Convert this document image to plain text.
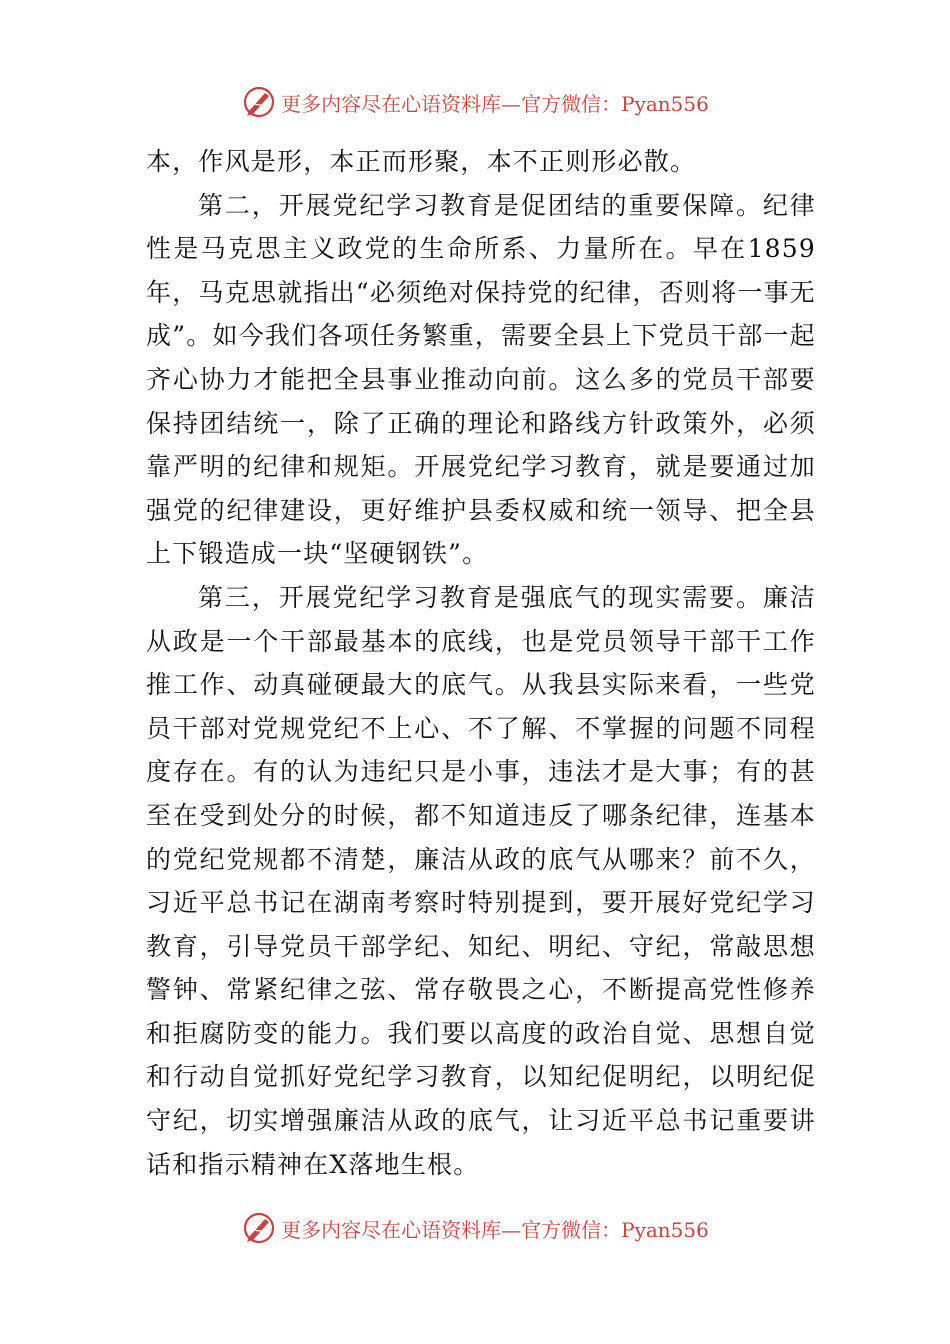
更多内容尽在心语资料库—官方微信：Pyan556

本，作风是形，本正而形聚，本不正则形必散。

第二，开展党纪学习教育是促团结的重要保障。纪律性是马克思主义政党的生命所系、力量所在。早在1859年，马克思就指出“必须绝对保持党的纪律，否则将一事无成”。如今我们各项任务繁重，需要全县上下党员干部一起齐心协力才能把全县事业推动向前。这么多的党员干部要保持团结统一，除了正确的理论和路线方针政策外，必须靠严明的纪律和规矩。开展党纪学习教育，就是要通过加强党的纪律建设，更好维护县委权威和统一领导、把全县上下锻造成一块“坚硬钢铁”。

第三，开展党纪学习教育是强底气的现实需要。廉洁从政是一个干部最基本的底线，也是党员领导干部干工作推工作、动真碰硬最大的底气。从我县实际来看，一些党员干部对党规党纪不上心、不了解、不掌握的问题不同程度存在。有的认为违纪只是小事，违法才是大事；有的甚至在受到处分的时候，都不知道违反了哪条纪律，连基本的党纪党规都不清楚，廉洁从政的底气从哪来？前不久，习近平总书记在湖南考察时特别提到，要开展好党纪学习教育，引导党员干部学纪、知纪、明纪、守纪，常敲思想警钟、常紧纪律之弦、常存敬畏之心，不断提高党性修养和拒腐防变的能力。我们要以高度的政治自觉、思想自觉和行动自觉抓好党纪学习教育，以知纪促明纪，以明纪促守纪，切实增强廉洁从政的底气，让习近平总书记重要讲话和指示精神在X落地生根。

更多内容尽在心语资料库—官方微信：Pyan556
